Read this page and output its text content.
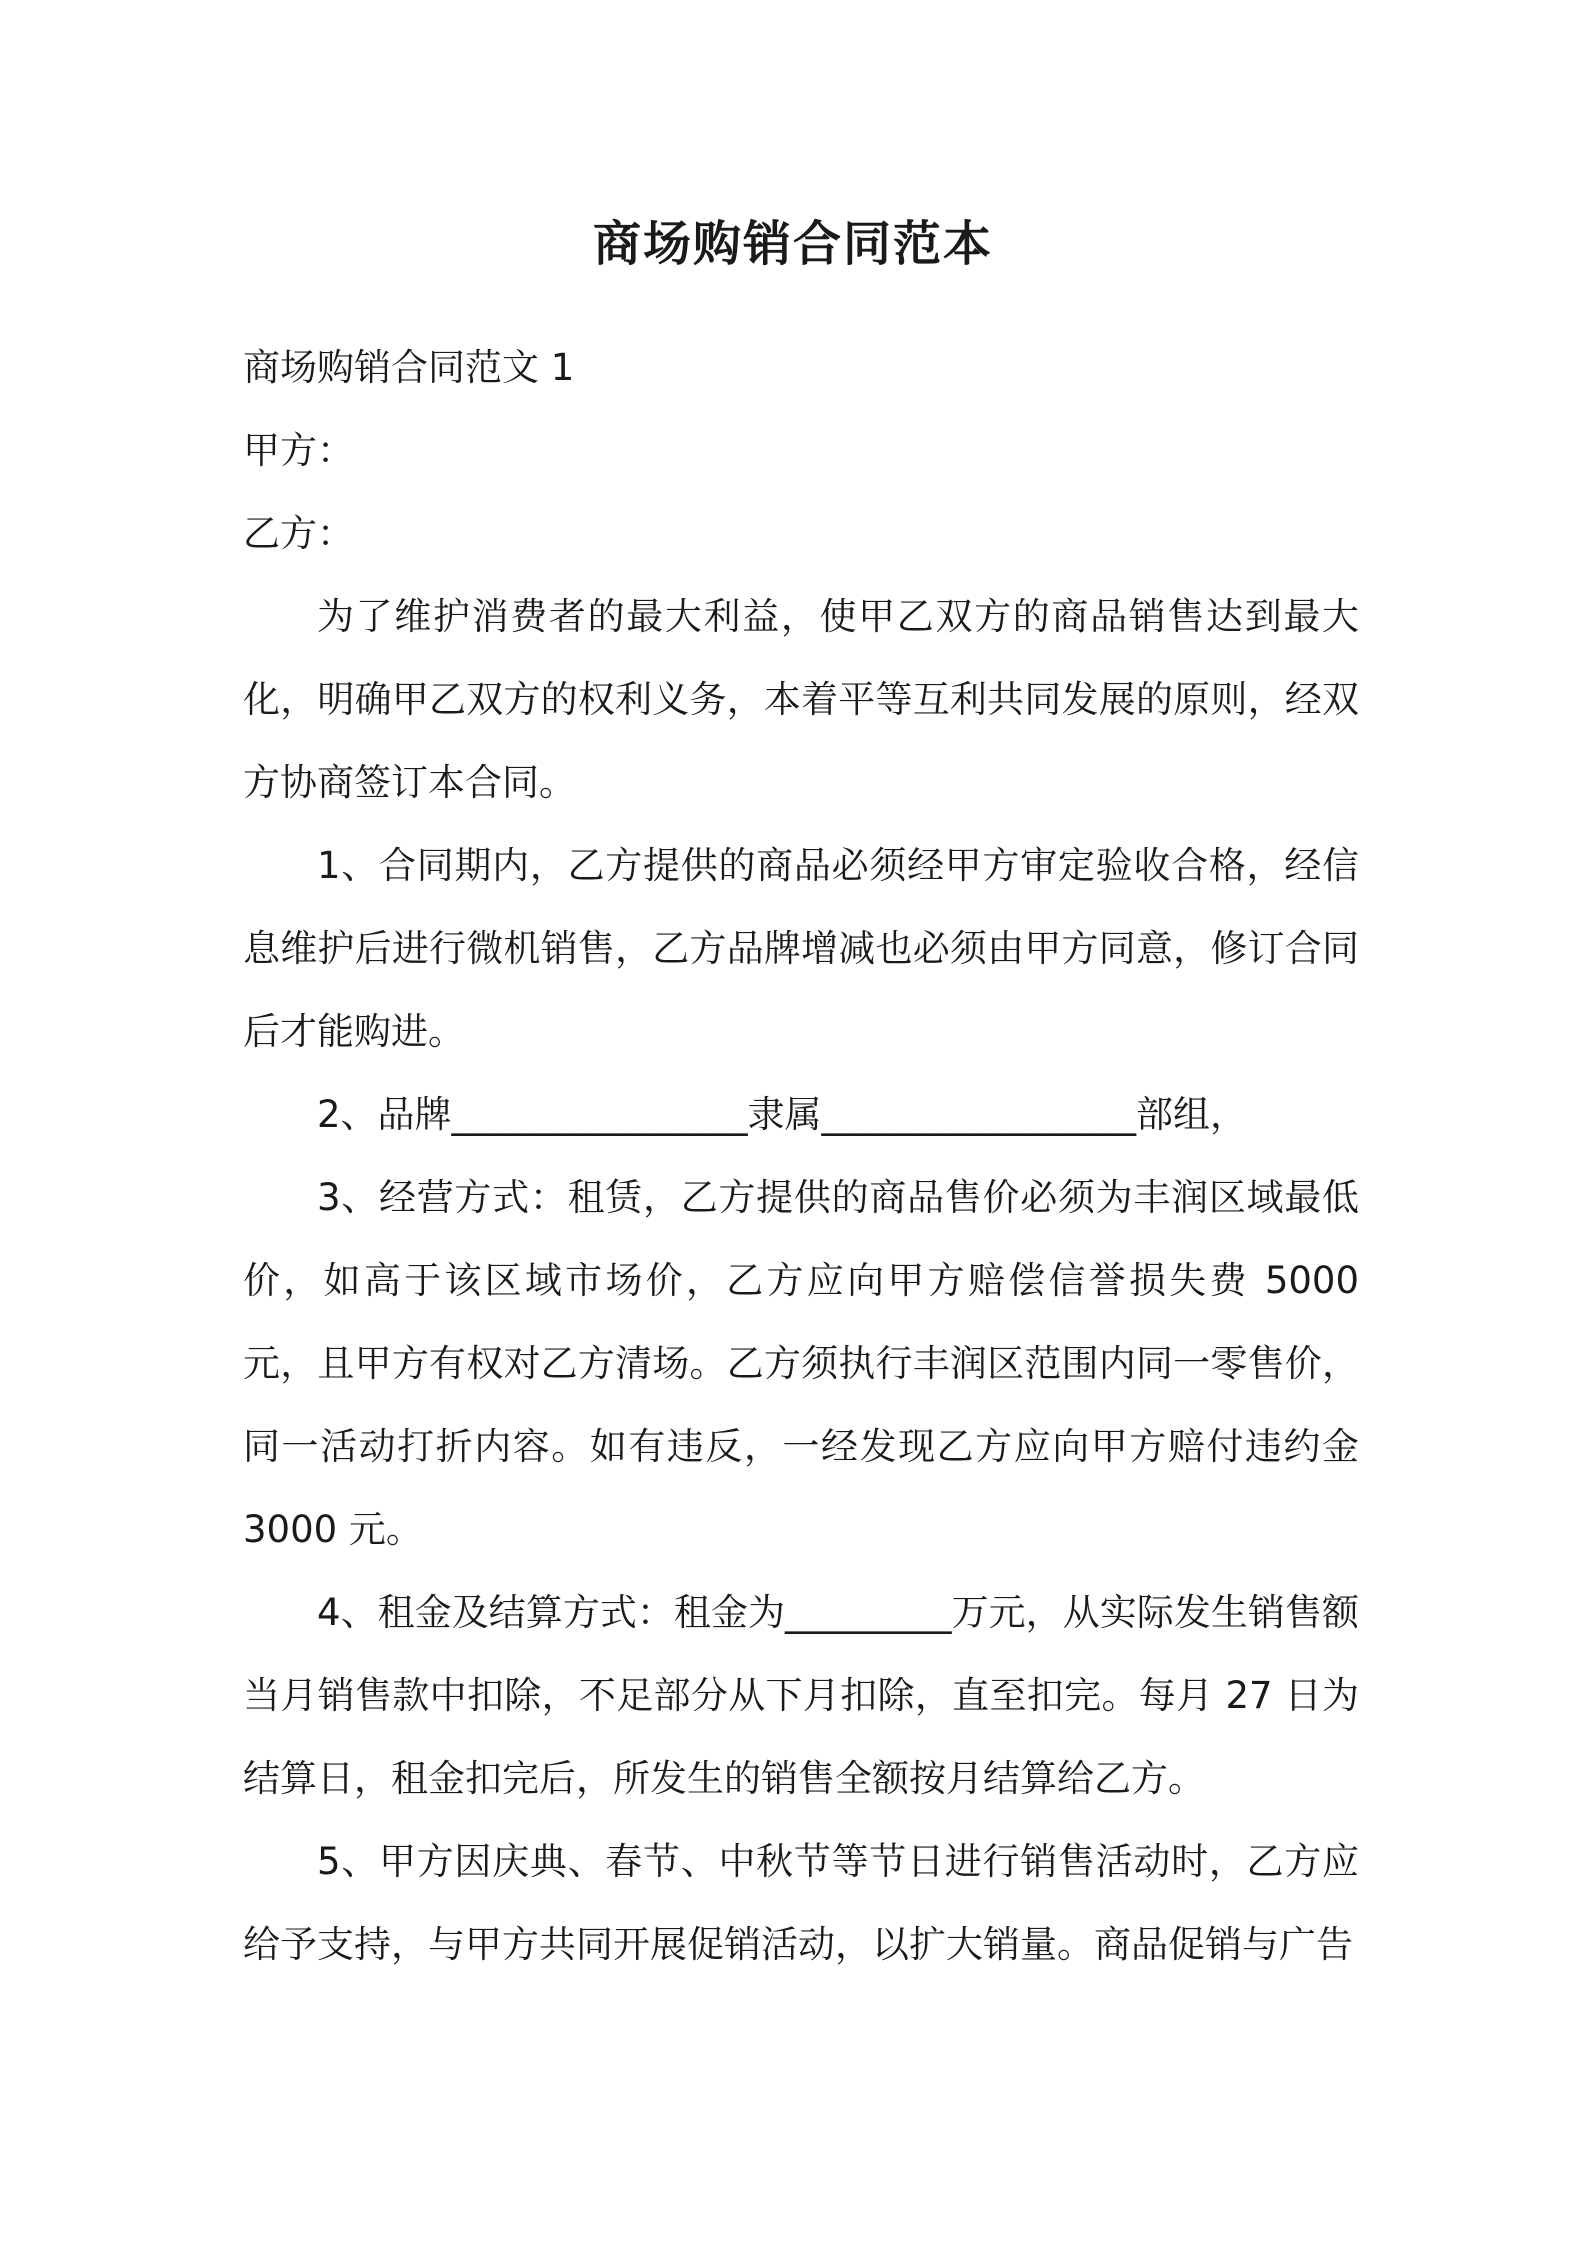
商场购销合同范本

商场购销合同范文 1

甲方：

乙方：

为了维护消费者的最大利益，使甲乙双方的商品销售达到最大化，明确甲乙双方的权利义务，本着平等互利共同发展的原则，经双方协商签订本合同。

1、合同期内，乙方提供的商品必须经甲方审定验收合格，经信息维护后进行微机销售，乙方品牌增减也必须由甲方同意，修订合同后才能购进。

2、品牌________________隶属_________________部组，

3、经营方式：租赁，乙方提供的商品售价必须为丰润区域最低价，如高于该区域市场价，乙方应向甲方赔偿信誉损失费 5000 元，且甲方有权对乙方清场。乙方须执行丰润区范围内同一零售价，同一活动打折内容。如有违反，一经发现乙方应向甲方赔付违约金 3000 元。

4、租金及结算方式：租金为_________万元，从实际发生销售额当月销售款中扣除，不足部分从下月扣除，直至扣完。每月 27 日为结算日，租金扣完后，所发生的销售全额按月结算给乙方。

5、甲方因庆典、春节、中秋节等节日进行销售活动时，乙方应给予支持，与甲方共同开展促销活动，以扩大销量。商品促销与广告
